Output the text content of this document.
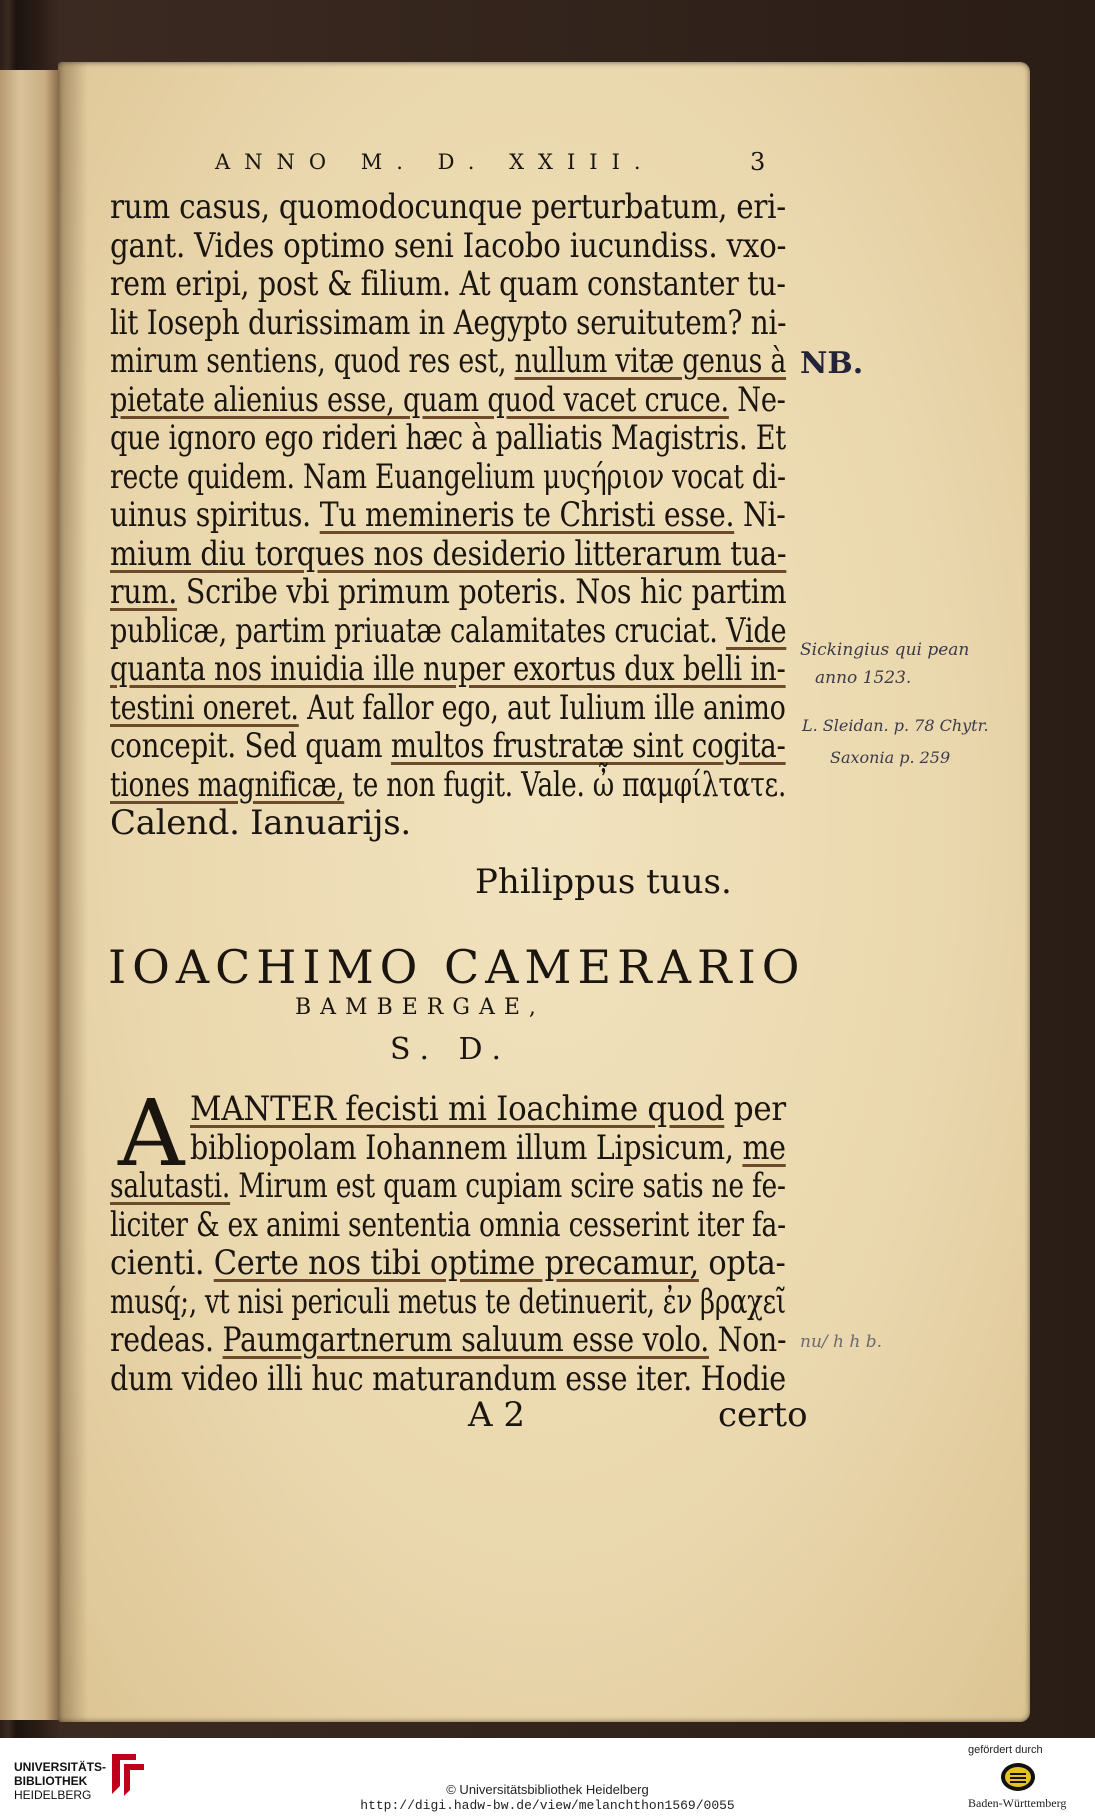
ANNO M. D. XXIII.	3
rum casus, quomodocunque perturbatum, eri-
gant. Vides optimo seni Iacobo iucundiss. vxo-
rem eripi, post & filium. At quam constanter tu-
lit Ioseph durissimam in Aegypto seruitutem? ni-
mirum sentiens, quod res est, nullum vitæ genus à
pietate alienius esse, quam quod vacet cruce. Ne-
que ignoro ego rideri hæc à palliatis Magistris. Et
recte quidem. Nam Euangelium μυςήριον vocat di-
uinus spiritus. Tu memineris te Christi esse. Ni-
mium diu torques nos desiderio litterarum tua-
rum. Scribe vbi primum poteris. Nos hic partim
publicæ, partim priuatæ calamitates cruciat. Vide
quanta nos inuidia ille nuper exortus dux belli in-
testini oneret. Aut fallor ego, aut Iulium ille animo
concepit. Sed quam multos frustratæ sint cogita-
tiones magnificæ, te non fugit. Vale. ὦ παμφίλτατε.
Calend. Ianuarijs.
Philippus tuus.
IOACHIMO CAMERARIO
BAMBERGAE,
S. D.
A MANTER fecisti mi Ioachime quod per
bibliopolam Iohannem illum Lipsicum, me
salutasti. Mirum est quam cupiam scire satis ne fe-
liciter & ex animi sententia omnia cesserint iter fa-
cienti. Certe nos tibi optime precamur, opta-
musq́;, vt nisi periculi metus te detinuerit, ἐν βραχεῖ
redeas. Paumgartnerum saluum esse volo. Non-
dum video illi huc maturandum esse iter. Hodie
A 2	certo
NB.
Sickingius qui pean
anno 1523.
L. Sleidan. p. 78 Chytr.
Saxonia p. 259
nu/ h h b.
UNIVERSITÄTS-
BIBLIOTHEK
HEIDELBERG	© Universitätsbibliothek Heidelberg
http://digi.hadw-bw.de/view/melanchthon1569/0055
gefördert durch
Baden-Württemberg
